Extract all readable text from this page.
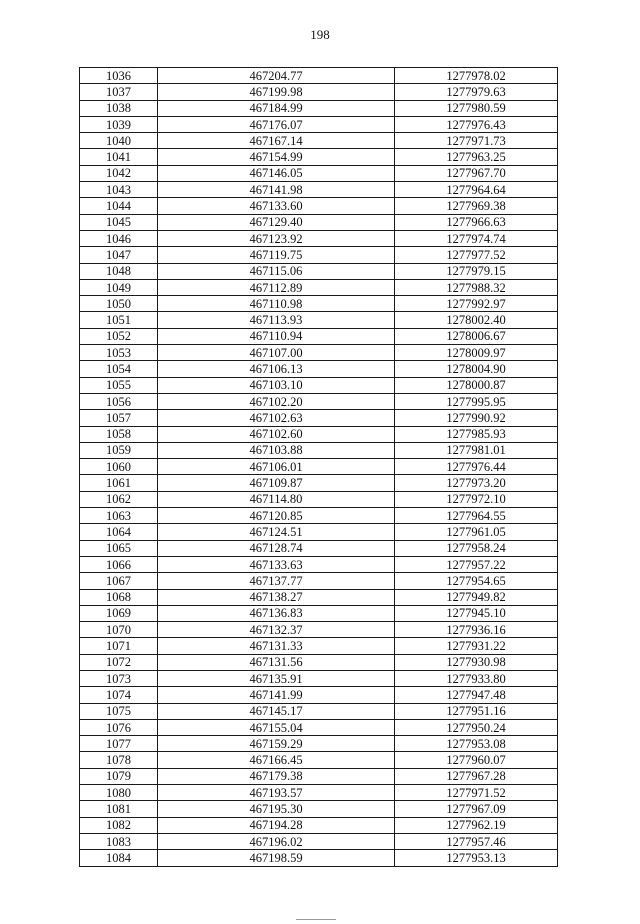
198
1036	467204.77	1277978.02
1037	467199.98	1277979.63
1038	467184.99	1277980.59
1039	467176.07	1277976.43
1040	467167.14	1277971.73
1041	467154.99	1277963.25
1042	467146.05	1277967.70
1043	467141.98	1277964.64
1044	467133.60	1277969.38
1045	467129.40	1277966.63
1046	467123.92	1277974.74
1047	467119.75	1277977.52
1048	467115.06	1277979.15
1049	467112.89	1277988.32
1050	467110.98	1277992.97
1051	467113.93	1278002.40
1052	467110.94	1278006.67
1053	467107.00	1278009.97
1054	467106.13	1278004.90
1055	467103.10	1278000.87
1056	467102.20	1277995.95
1057	467102.63	1277990.92
1058	467102.60	1277985.93
1059	467103.88	1277981.01
1060	467106.01	1277976.44
1061	467109.87	1277973.20
1062	467114.80	1277972.10
1063	467120.85	1277964.55
1064	467124.51	1277961.05
1065	467128.74	1277958.24
1066	467133.63	1277957.22
1067	467137.77	1277954.65
1068	467138.27	1277949.82
1069	467136.83	1277945.10
1070	467132.37	1277936.16
1071	467131.33	1277931.22
1072	467131.56	1277930.98
1073	467135.91	1277933.80
1074	467141.99	1277947.48
1075	467145.17	1277951.16
1076	467155.04	1277950.24
1077	467159.29	1277953.08
1078	467166.45	1277960.07
1079	467179.38	1277967.28
1080	467193.57	1277971.52
1081	467195.30	1277967.09
1082	467194.28	1277962.19
1083	467196.02	1277957.46
1084	467198.59	1277953.13
